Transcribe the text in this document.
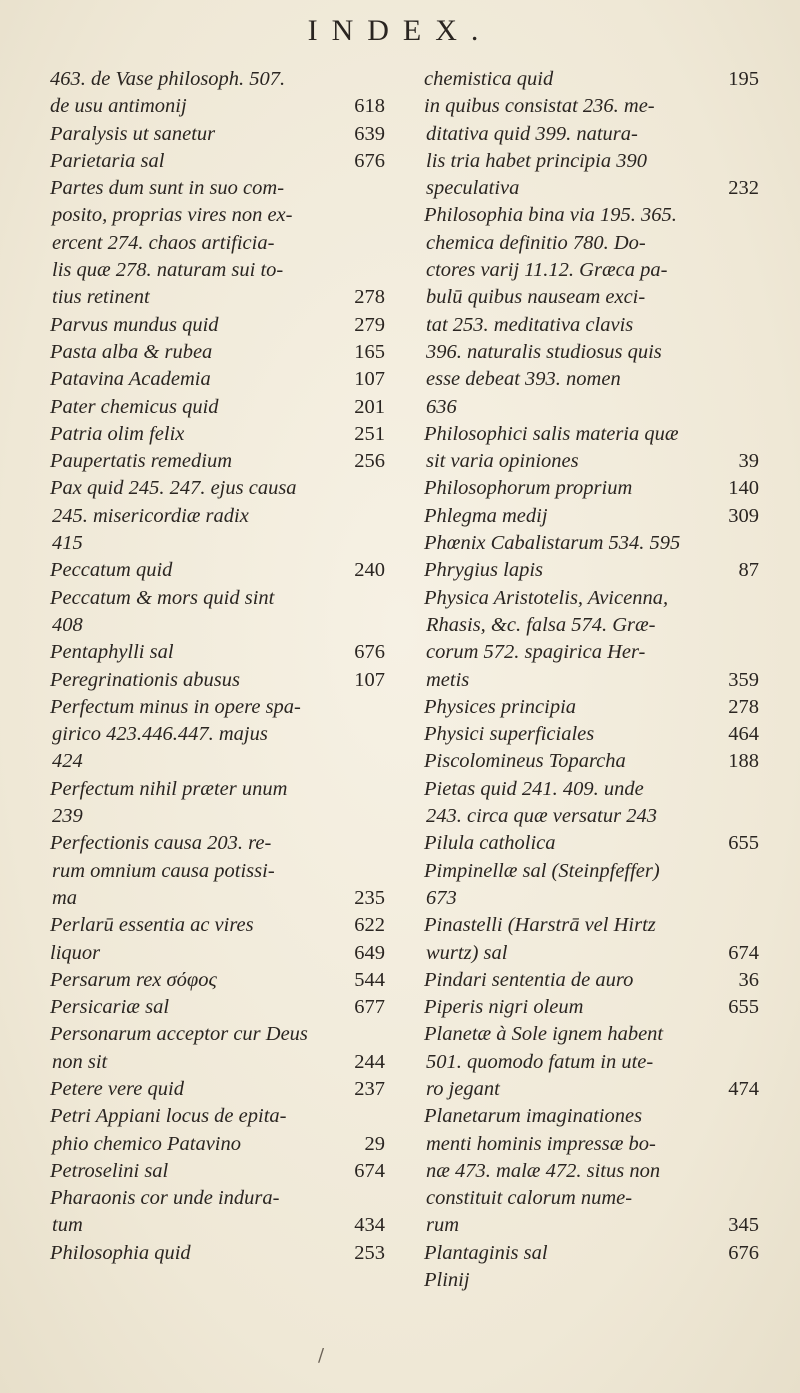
INDEX.
463. de Vase philosoph. 507.
618
de usu antimonij
639
Paralysis ut sanetur
676
Parietaria sal
Partes dum sunt in suo com-
posito, proprias vires non ex-
ercent 274. chaos artificia-
lis quæ 278. naturam sui to-
278
tius retinent
279
Parvus mundus quid
165
Pasta alba & rubea
107
Patavina Academia
201
Pater chemicus quid
251
Patria olim felix
256
Paupertatis remedium
Pax quid 245. 247. ejus causa
245. misericordiæ radix
415
240
Peccatum quid
Peccatum & mors quid sint
408
676
Pentaphylli sal
107
Peregrinationis abusus
Perfectum minus in opere spa-
girico 423.446.447. majus
424
Perfectum nihil præter unum
239
Perfectionis causa 203. re-
rum omnium causa potissi-
235
ma
622
Perlarū essentia ac vires
649
liquor
544
Persarum rex σόφος
677
Persicariæ sal
Personarum acceptor cur Deus
244
non sit
237
Petere vere quid
Petri Appiani locus de epita-
29
phio chemico Patavino
674
Petroselini sal
Pharaonis cor unde indura-
434
tum
253
Philosophia quid
195
chemistica quid
in quibus consistat 236. me-
ditativa quid 399. natura-
lis tria habet principia 390
232
speculativa
Philosophia bina via 195. 365.
chemica definitio 780. Do-
ctores varij 11.12. Græca pa-
bulū quibus nauseam exci-
tat 253. meditativa clavis
396. naturalis studiosus quis
esse debeat 393. nomen
636
Philosophici salis materia quæ
39
sit varia opiniones
140
Philosophorum proprium
309
Phlegma medij
Phœnix Cabalistarum 534. 595
87
Phrygius lapis
Physica Aristotelis, Avicenna,
Rhasis, &c. falsa 574. Græ-
corum 572. spagirica Her-
359
metis
278
Physices principia
464
Physici superficiales
188
Piscolomineus Toparcha
Pietas quid 241. 409. unde
243. circa quæ versatur 243
655
Pilula catholica
Pimpinellæ sal (Steinpfeffer)
673
Pinastelli (Harstrā vel Hirtz
674
wurtz) sal
36
Pindari sententia de auro
655
Piperis nigri oleum
Planetæ à Sole ignem habent
501. quomodo fatum in ute-
474
ro jegant
Planetarum imaginationes
menti hominis impressæ bo-
næ 473. malæ 472. situs non
constituit calorum nume-
345
rum
676
Plantaginis sal
Plinij
/
